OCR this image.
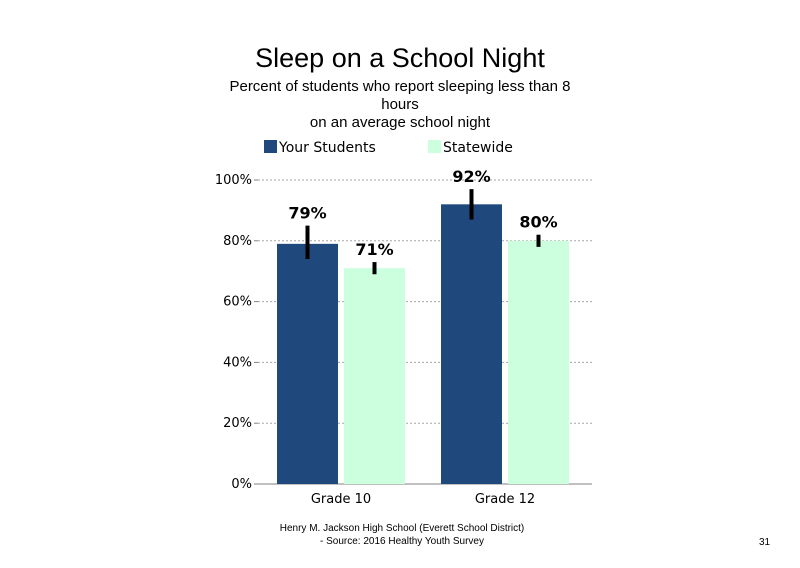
Sleep on a School Night
Percent of students who report sleeping less than 8
hours
on an average school night
Your Students	Statewide
0%
20%
40%
60%
80%
100%
Grade 10
79%
71%
Grade 12
92%
80%
Henry M. Jackson High School (Everett School District)
- Source: 2016 Healthy Youth Survey	31
